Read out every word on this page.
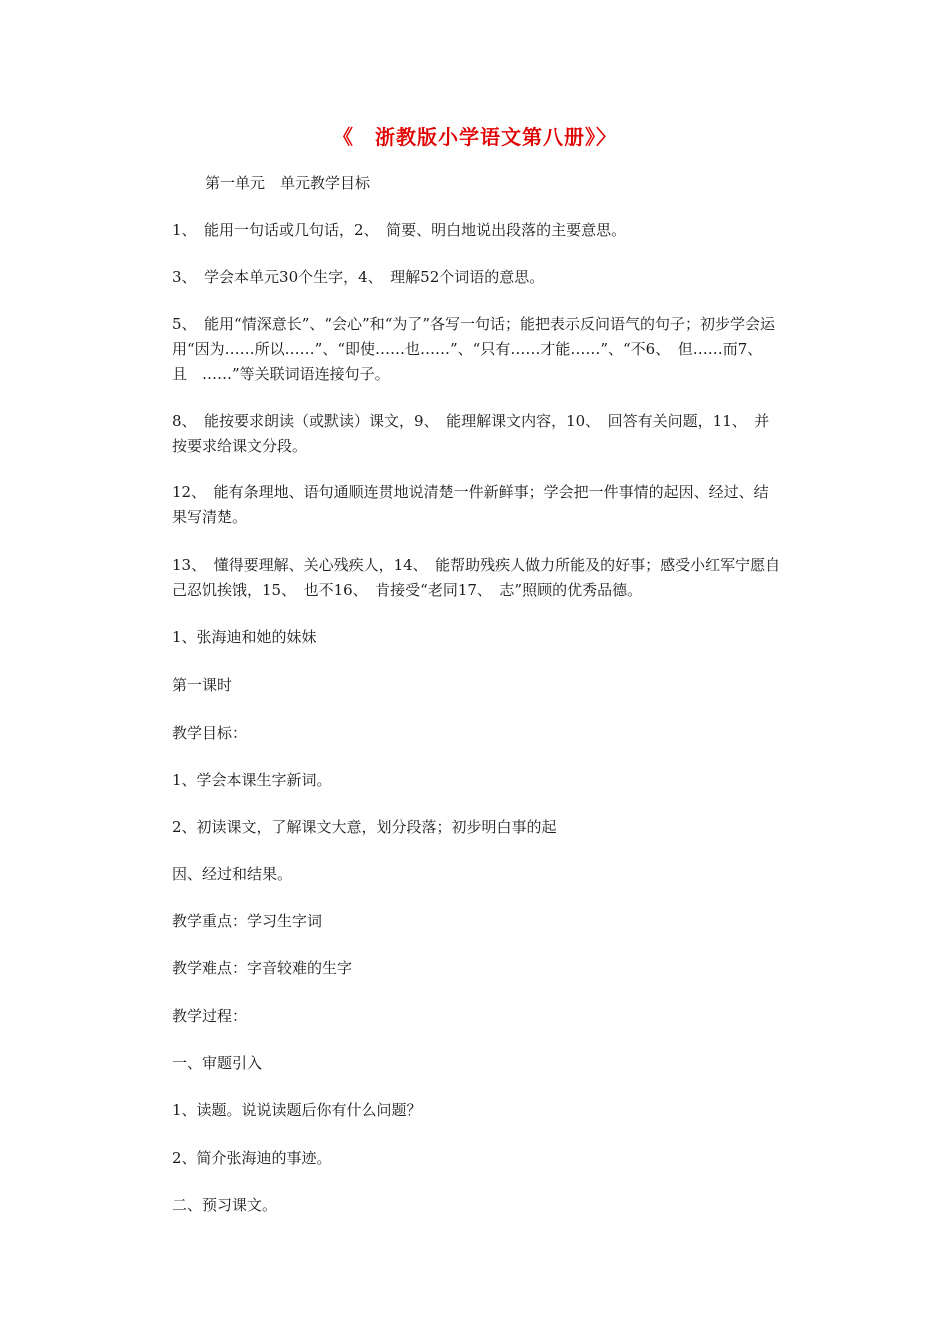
《　浙教版小学语文第八册》〉
第一单元　单元教学目标
1、　能用一句话或几句话，2、　简要、明白地说出段落的主要意思。
3、　学会本单元30个生字，4、　理解52个词语的意思。
5、　能用“情深意长”、“会心”和“为了”各写一句话；能把表示反问语气的句子；初步学会运用“因为……所以……”、“即使……也……”、“只有……才能……”、“不6、　但……而7、　且　……”等关联词语连接句子。
8、　能按要求朗读（或默读）课文，9、　能理解课文内容，10、　回答有关问题，11、　并按要求给课文分段。
12、　能有条理地、语句通顺连贯地说清楚一件新鲜事；学会把一件事情的起因、经过、结果写清楚。
13、　懂得要理解、关心残疾人，14、　能帮助残疾人做力所能及的好事；感受小红军宁愿自己忍饥挨饿，15、　也不16、　肯接受“老同17、　志”照顾的优秀品德。
1、张海迪和她的妹妹
第一课时
教学目标：
1、学会本课生字新词。
2、初读课文，了解课文大意，划分段落；初步明白事的起
因、经过和结果。
教学重点：学习生字词
教学难点：字音较难的生字
教学过程：
一、审题引入
1、读题。说说读题后你有什么问题？
2、简介张海迪的事迹。
二、预习课文。
